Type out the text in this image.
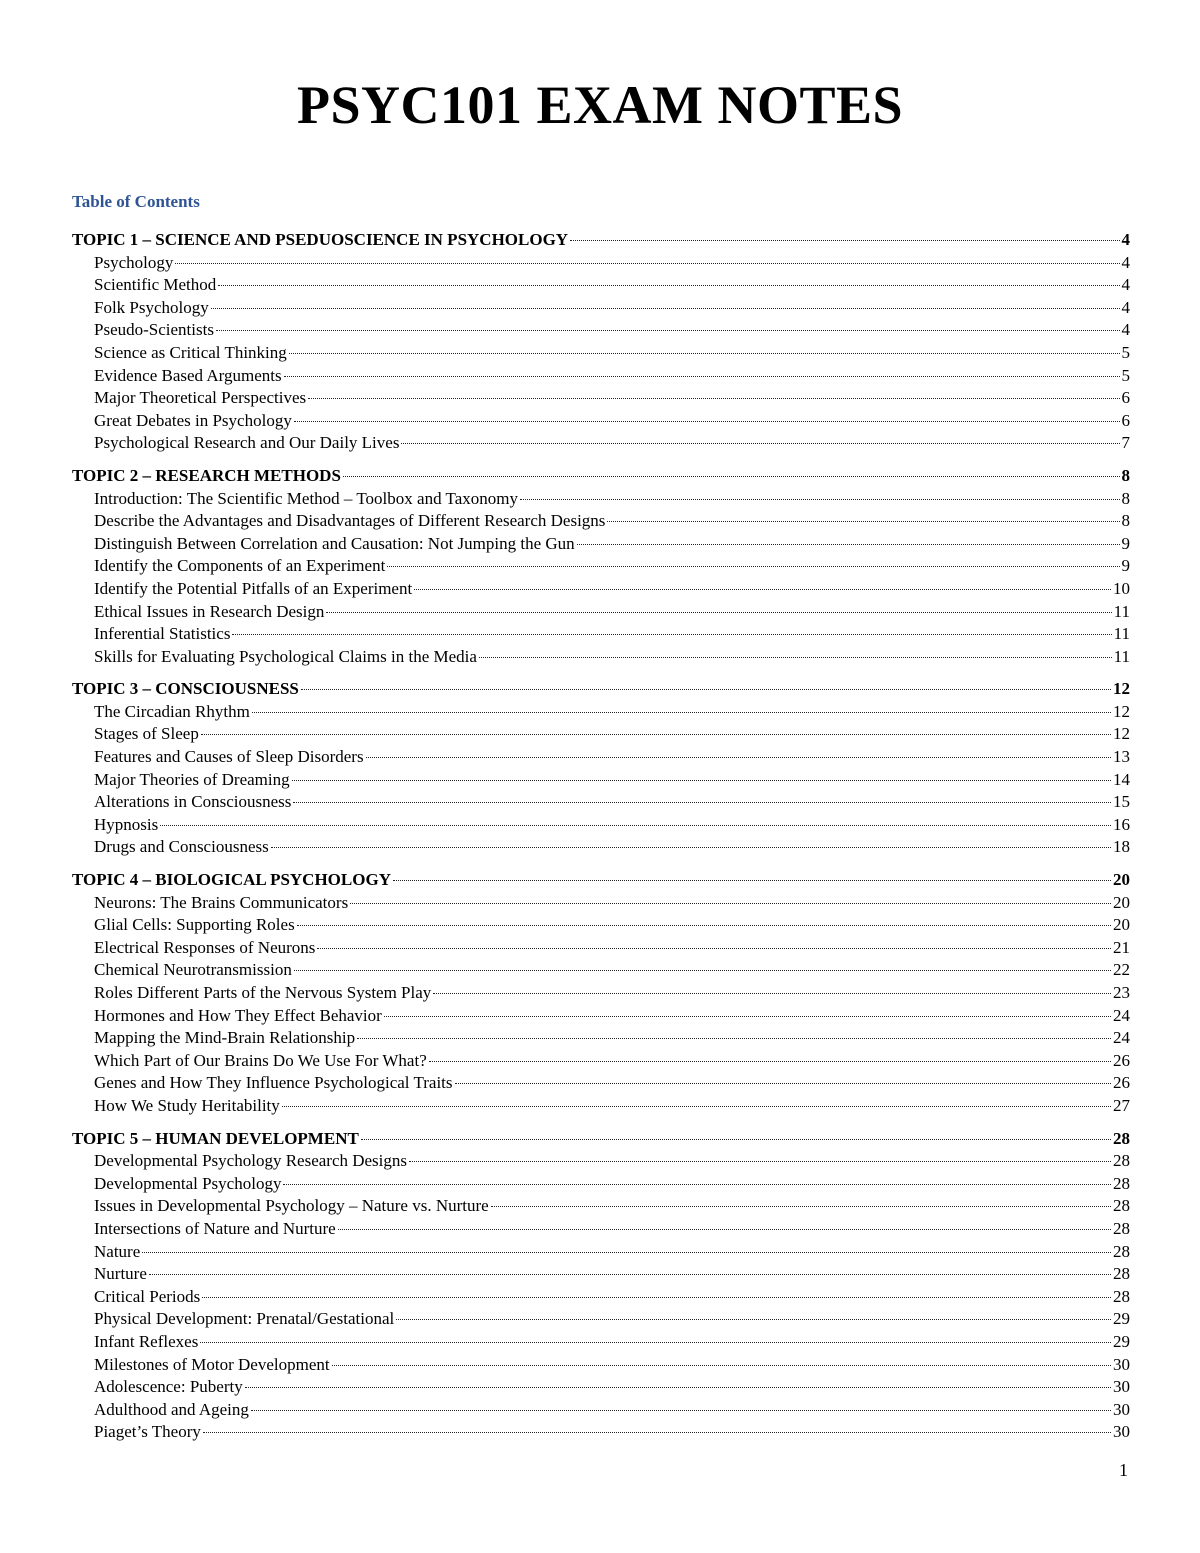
PSYC101 EXAM NOTES
Table of Contents
TOPIC 1 – SCIENCE AND PSEDUOSCIENCE IN PSYCHOLOGY	4
Psychology	4
Scientific Method	4
Folk Psychology	4
Pseudo-Scientists	4
Science as Critical Thinking	5
Evidence Based Arguments	5
Major Theoretical Perspectives	6
Great Debates in Psychology	6
Psychological Research and Our Daily Lives	7
TOPIC 2 – RESEARCH METHODS	8
Introduction: The Scientific Method – Toolbox and Taxonomy	8
Describe the Advantages and Disadvantages of Different Research Designs	8
Distinguish Between Correlation and Causation: Not Jumping the Gun	9
Identify the Components of an Experiment	9
Identify the Potential Pitfalls of an Experiment	10
Ethical Issues in Research Design	11
Inferential Statistics	11
Skills for Evaluating Psychological Claims in the Media	11
TOPIC 3 – CONSCIOUSNESS	12
The Circadian Rhythm	12
Stages of Sleep	12
Features and Causes of Sleep Disorders	13
Major Theories of Dreaming	14
Alterations in Consciousness	15
Hypnosis	16
Drugs and Consciousness	18
TOPIC 4 – BIOLOGICAL PSYCHOLOGY	20
Neurons: The Brains Communicators	20
Glial Cells: Supporting Roles	20
Electrical Responses of Neurons	21
Chemical Neurotransmission	22
Roles Different Parts of the Nervous System Play	23
Hormones and How They Effect Behavior	24
Mapping the Mind-Brain Relationship	24
Which Part of Our Brains Do We Use For What?	26
Genes and How They Influence Psychological Traits	26
How We Study Heritability	27
TOPIC 5 – HUMAN DEVELOPMENT	28
Developmental Psychology Research Designs	28
Developmental Psychology	28
Issues in Developmental Psychology – Nature vs. Nurture	28
Intersections of Nature and Nurture	28
Nature	28
Nurture	28
Critical Periods	28
Physical Development: Prenatal/Gestational	29
Infant Reflexes	29
Milestones of Motor Development	30
Adolescence: Puberty	30
Adulthood and Ageing	30
Piaget’s Theory	30
1
